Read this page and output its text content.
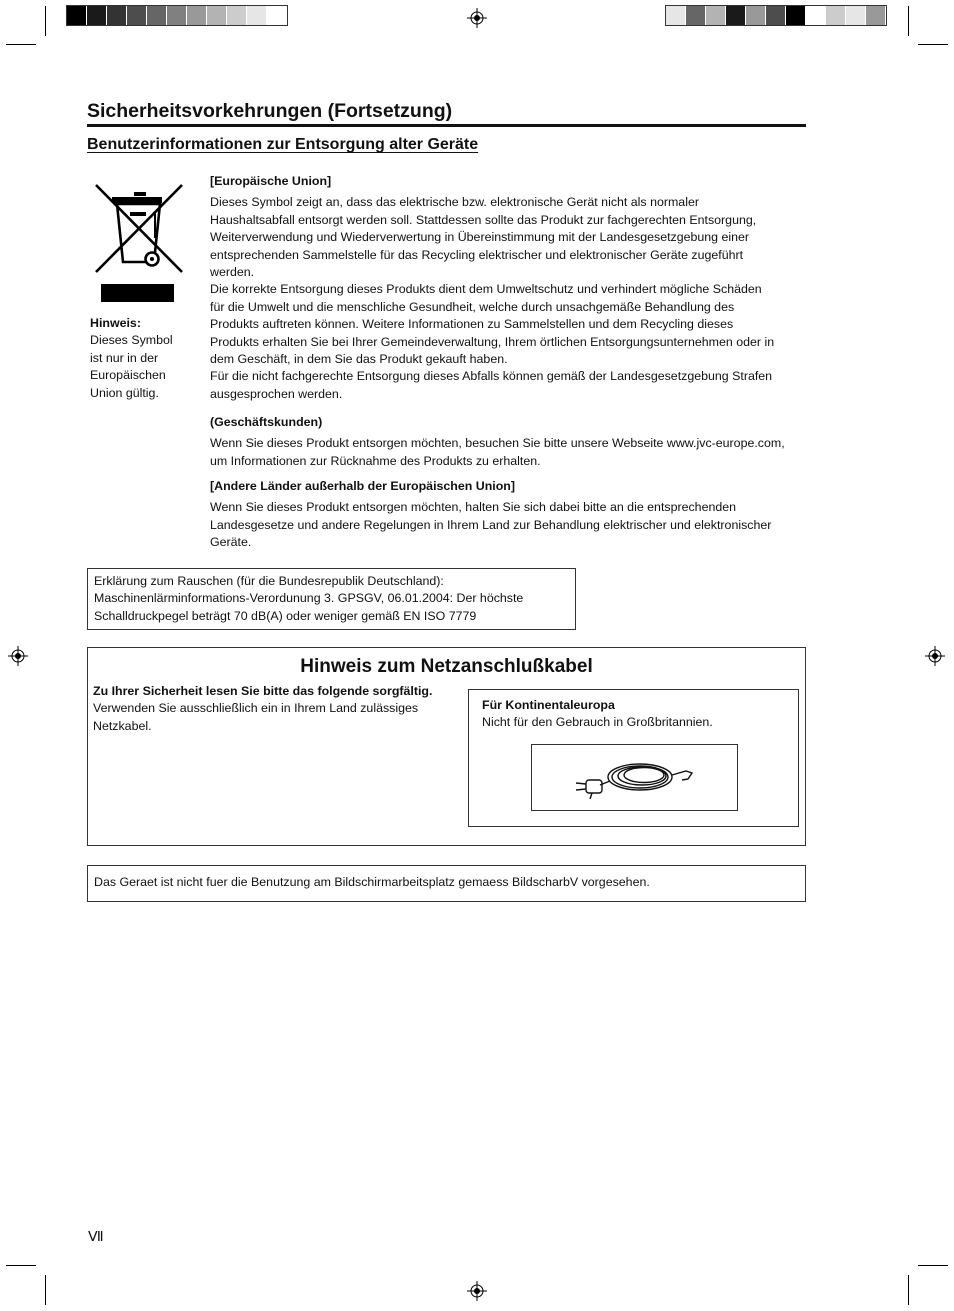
Sicherheitsvorkehrungen (Fortsetzung)
Benutzerinformationen zur Entsorgung alter Geräte
Hinweis:
Dieses Symbol
ist nur in der
Europäischen
Union gültig.
[Europäische Union]
Dieses Symbol zeigt an, dass das elektrische bzw. elektronische Gerät nicht als normaler
Haushaltsabfall entsorgt werden soll. Stattdessen sollte das Produkt zur fachgerechten Entsorgung,
Weiterverwendung und Wiederverwertung in Übereinstimmung mit der Landesgesetzgebung einer
entsprechenden Sammelstelle für das Recycling elektrischer und elektronischer Geräte zugeführt
werden.
Die korrekte Entsorgung dieses Produkts dient dem Umweltschutz und verhindert mögliche Schäden
für die Umwelt und die menschliche Gesundheit, welche durch unsachgemäße Behandlung des
Produkts auftreten können. Weitere Informationen zu Sammelstellen und dem Recycling dieses
Produkts erhalten Sie bei Ihrer Gemeindeverwaltung, Ihrem örtlichen Entsorgungsunternehmen oder in
dem Geschäft, in dem Sie das Produkt gekauft haben.
Für die nicht fachgerechte Entsorgung dieses Abfalls können gemäß der Landesgesetzgebung Strafen
ausgesprochen werden.
(Geschäftskunden)
Wenn Sie dieses Produkt entsorgen möchten, besuchen Sie bitte unsere Webseite www.jvc-europe.com,
um Informationen zur Rücknahme des Produkts zu erhalten.
[Andere Länder außerhalb der Europäischen Union]
Wenn Sie dieses Produkt entsorgen möchten, halten Sie sich dabei bitte an die entsprechenden
Landesgesetze und andere Regelungen in Ihrem Land zur Behandlung elektrischer und elektronischer
Geräte.
Erklärung zum Rauschen (für die Bundesrepublik Deutschland):
Maschinenlärminformations-Verordunung 3. GPSGV, 06.01.2004: Der höchste
Schalldruckpegel beträgt 70 dB(A) oder weniger gemäß EN ISO 7779
Hinweis zum Netzanschlußkabel
Zu Ihrer Sicherheit lesen Sie bitte das folgende sorgfältig.
Verwenden Sie ausschließlich ein in Ihrem Land zulässiges
Netzkabel.
Für Kontinentaleuropa
Nicht für den Gebrauch in Großbritannien.
Das Geraet ist nicht fuer die Benutzung am Bildschirmarbeitsplatz gemaess BildscharbV vorgesehen.
Ⅶ
